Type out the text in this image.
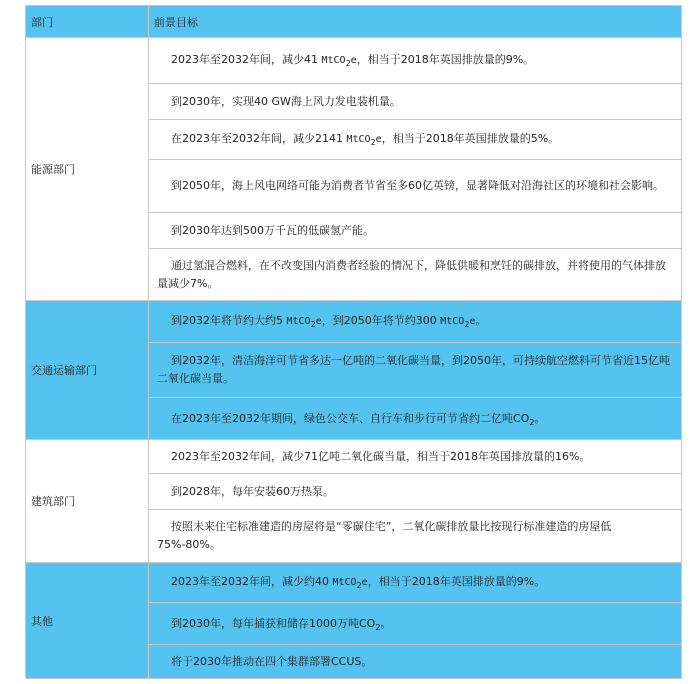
部门	前景目标
能源部门	2023年至2032年间，减少41 MtCO$_2$e，相当于2018年英国排放量的9%。
	到2030年，实现40 GW海上风力发电装机量。
	在2023年至2032年间，减少2141 MtCO$_2$e，相当于2018年英国排放量的5%。
	到2050年，海上风电网络可能为消费者节省至多60亿英镑，显著降低对沿海社区的环境和社会影响。
	到2030年达到500万千瓦的低碳氢产能。
	通过氢混合燃料，在不改变国内消费者经验的情况下，降低供暖和烹饪的碳排放，并将使用的气体排放量减少7%。
交通运输部门	到2032年将节约大约5 MtCO$_2$e，到2050年将节约300 MtCO$_2$e。
	到2032年，清洁海洋可节省多达一亿吨的二氧化碳当量，到2050年，可持续航空燃料可节省近15亿吨二氧化碳当量。
	在2023年至2032年期间，绿色公交车、自行车和步行可节省约二亿吨$CO_2$。
建筑部门	2023年至2032年间，减少71亿吨二氧化碳当量，相当于2018年英国排放量的16%。
	到2028年，每年安装60万热泵。
	按照未来住宅标准建造的房屋将是“零碳住宅”，二氧化碳排放量比按现行标准建造的房屋低75%-80%。
其他	2023年至2032年间，减少约40 MtCO$_2$e，相当于2018年英国排放量的9%。
	到2030年，每年捕获和储存1000万吨$CO_2$。
	将于2030年推动在四个集群部署CCUS。
